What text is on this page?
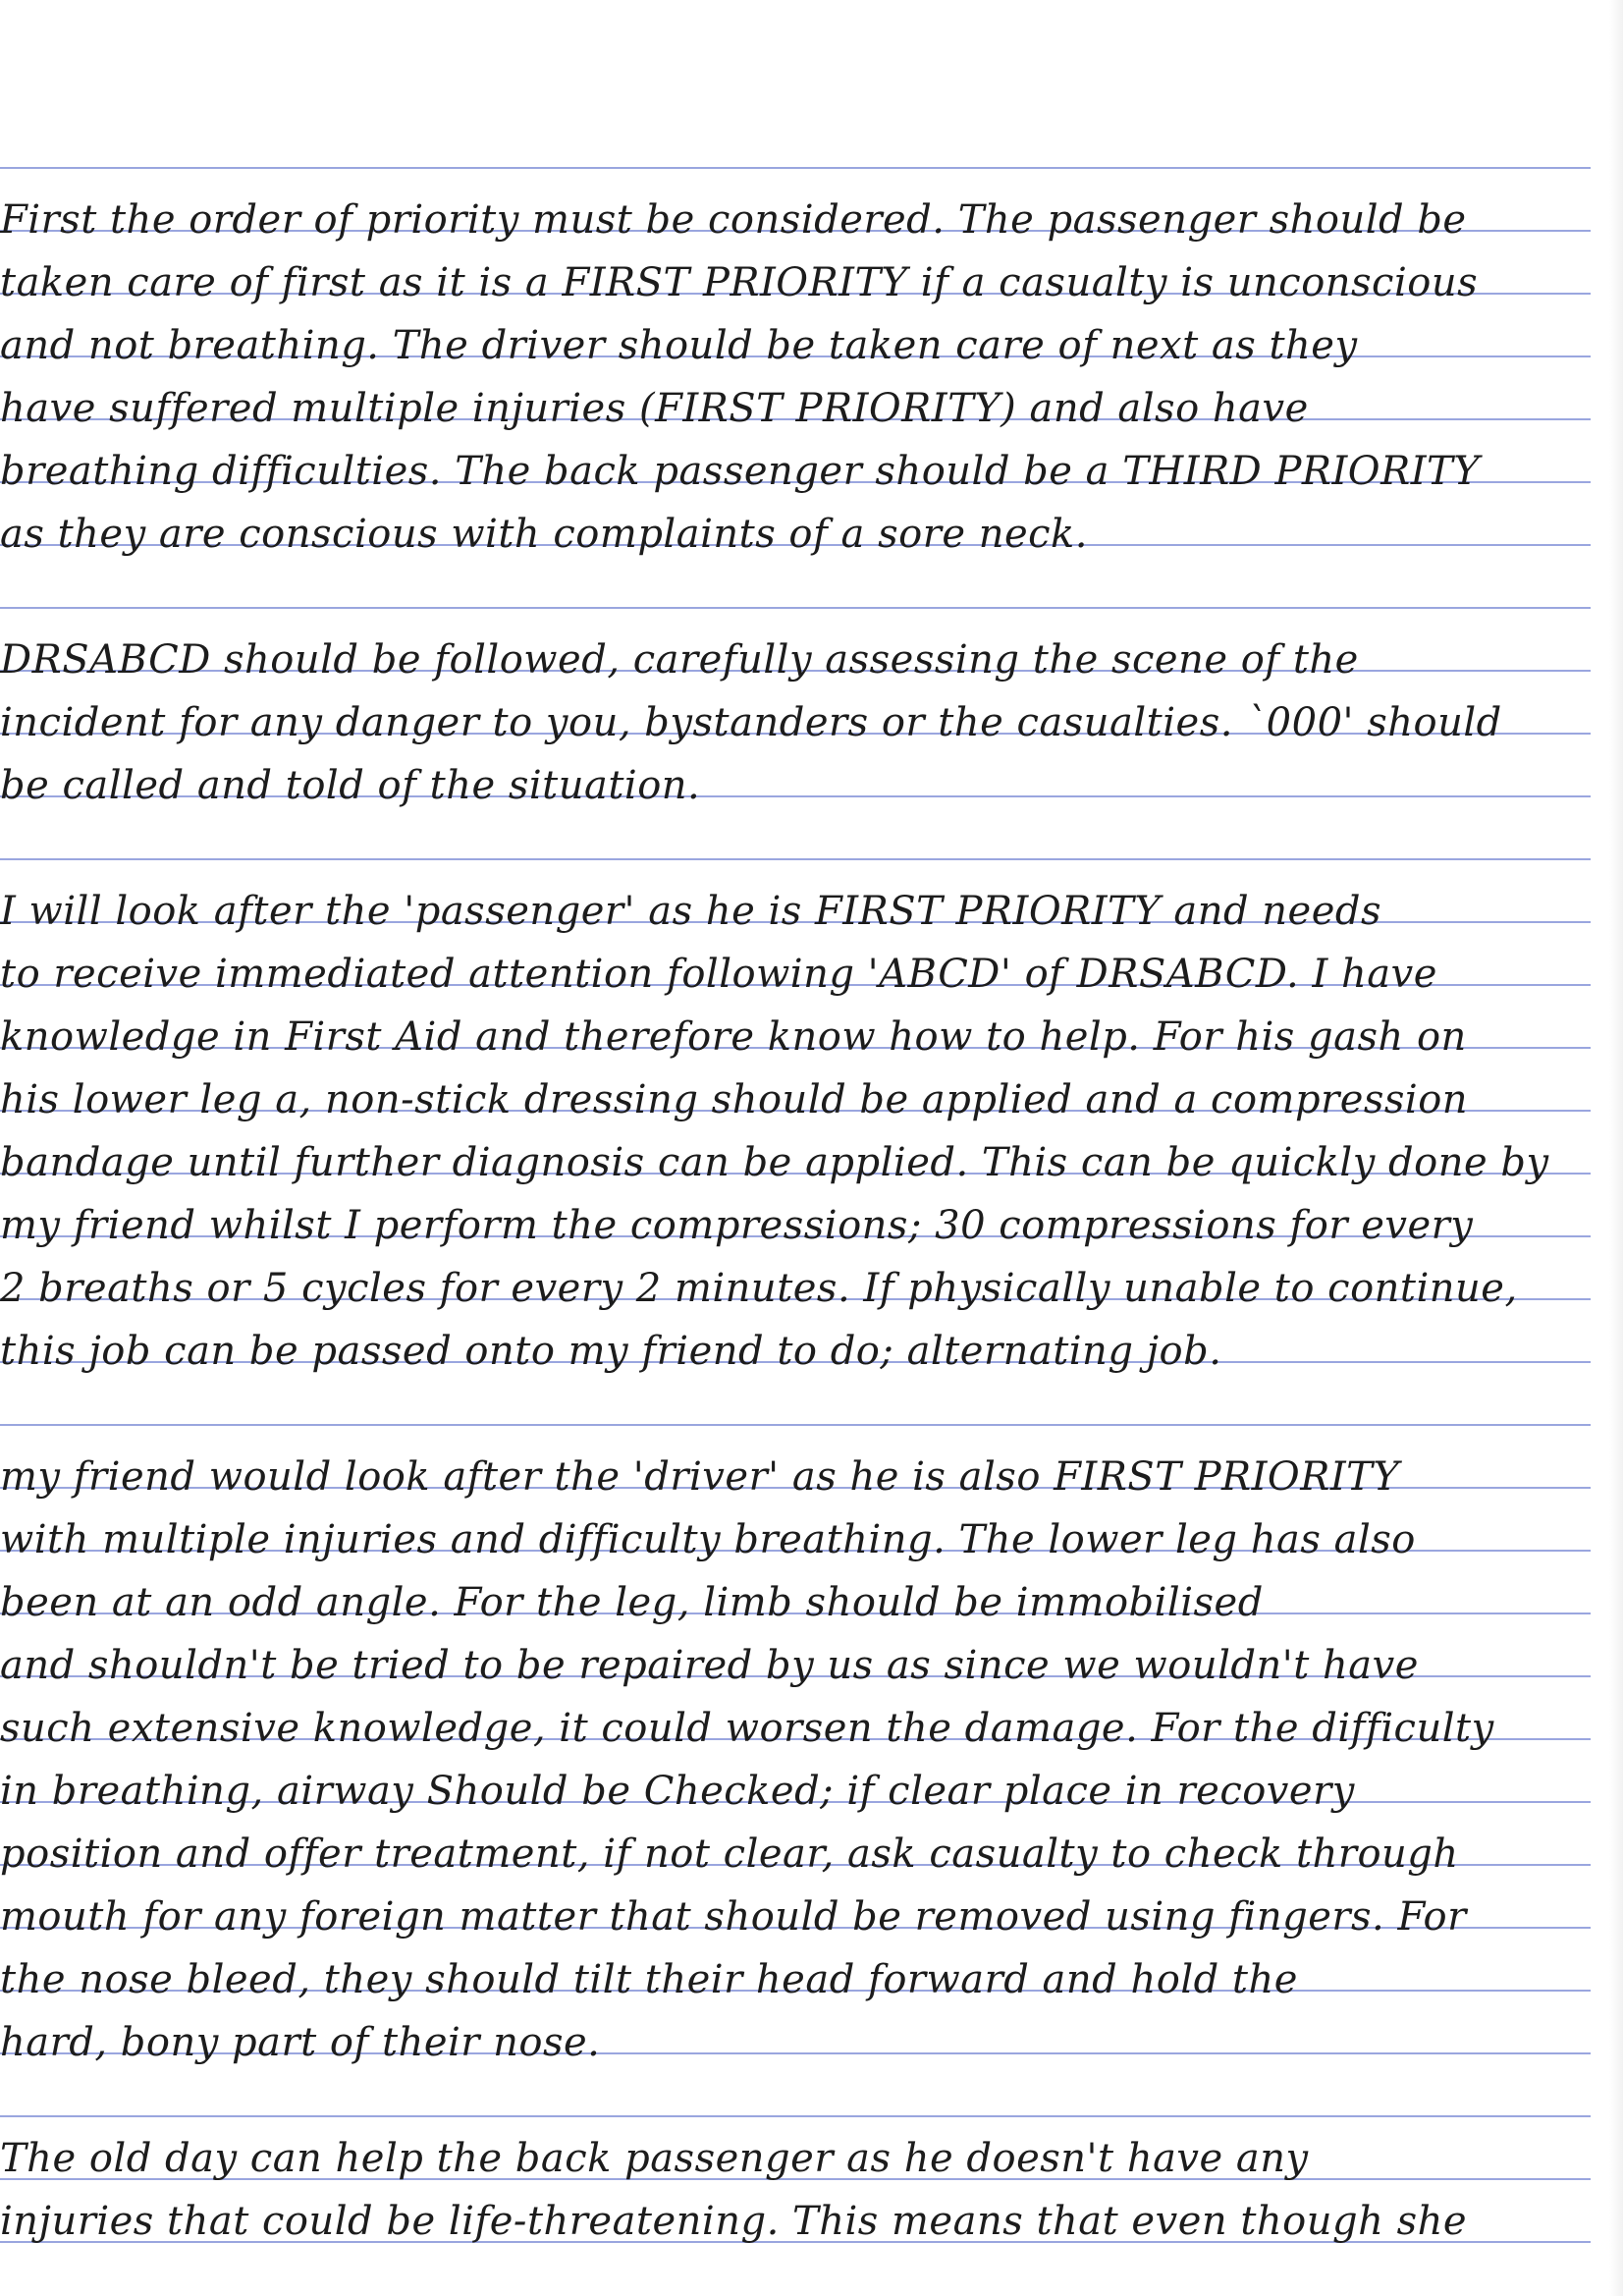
First the order of priority must be considered. The passenger should be
taken care of first as it is a FIRST PRIORITY if a casualty is unconscious
and not breathing. The driver should be taken care of next as they
have suffered multiple injuries (FIRST PRIORITY) and also have
breathing difficulties. The back passenger should be a THIRD PRIORITY
as they are conscious with complaints of a sore neck.
DRSABCD should be followed, carefully assessing the scene of the
incident for any danger to you, bystanders or the casualties. `000' should
be called and told of the situation.
I will look after the 'passenger' as he is FIRST PRIORITY and needs
to receive immediated attention following 'ABCD' of DRSABCD. I have
knowledge in First Aid and therefore know how to help. For his gash on
his lower leg a, non-stick dressing should be applied and a compression
bandage until further diagnosis can be applied. This can be quickly done by
my friend whilst I perform the compressions; 30 compressions for every
2 breaths or 5 cycles for every 2 minutes. If physically unable to continue,
this job can be passed onto my friend to do; alternating job.
my friend would look after the 'driver' as he is also FIRST PRIORITY
with multiple injuries and difficulty breathing. The lower leg has also
been at an odd angle. For the leg, limb should be immobilised
and shouldn't be tried to be repaired by us as since we wouldn't have
such extensive knowledge, it could worsen the damage. For the difficulty
in breathing, airway Should be Checked; if clear place in recovery
position and offer treatment, if not clear, ask casualty to check through
mouth for any foreign matter that should be removed using fingers. For
the nose bleed, they should tilt their head forward and hold the
hard, bony part of their nose.
The old day can help the back passenger as he doesn't have any
injuries that could be life-threatening. This means that even though she
